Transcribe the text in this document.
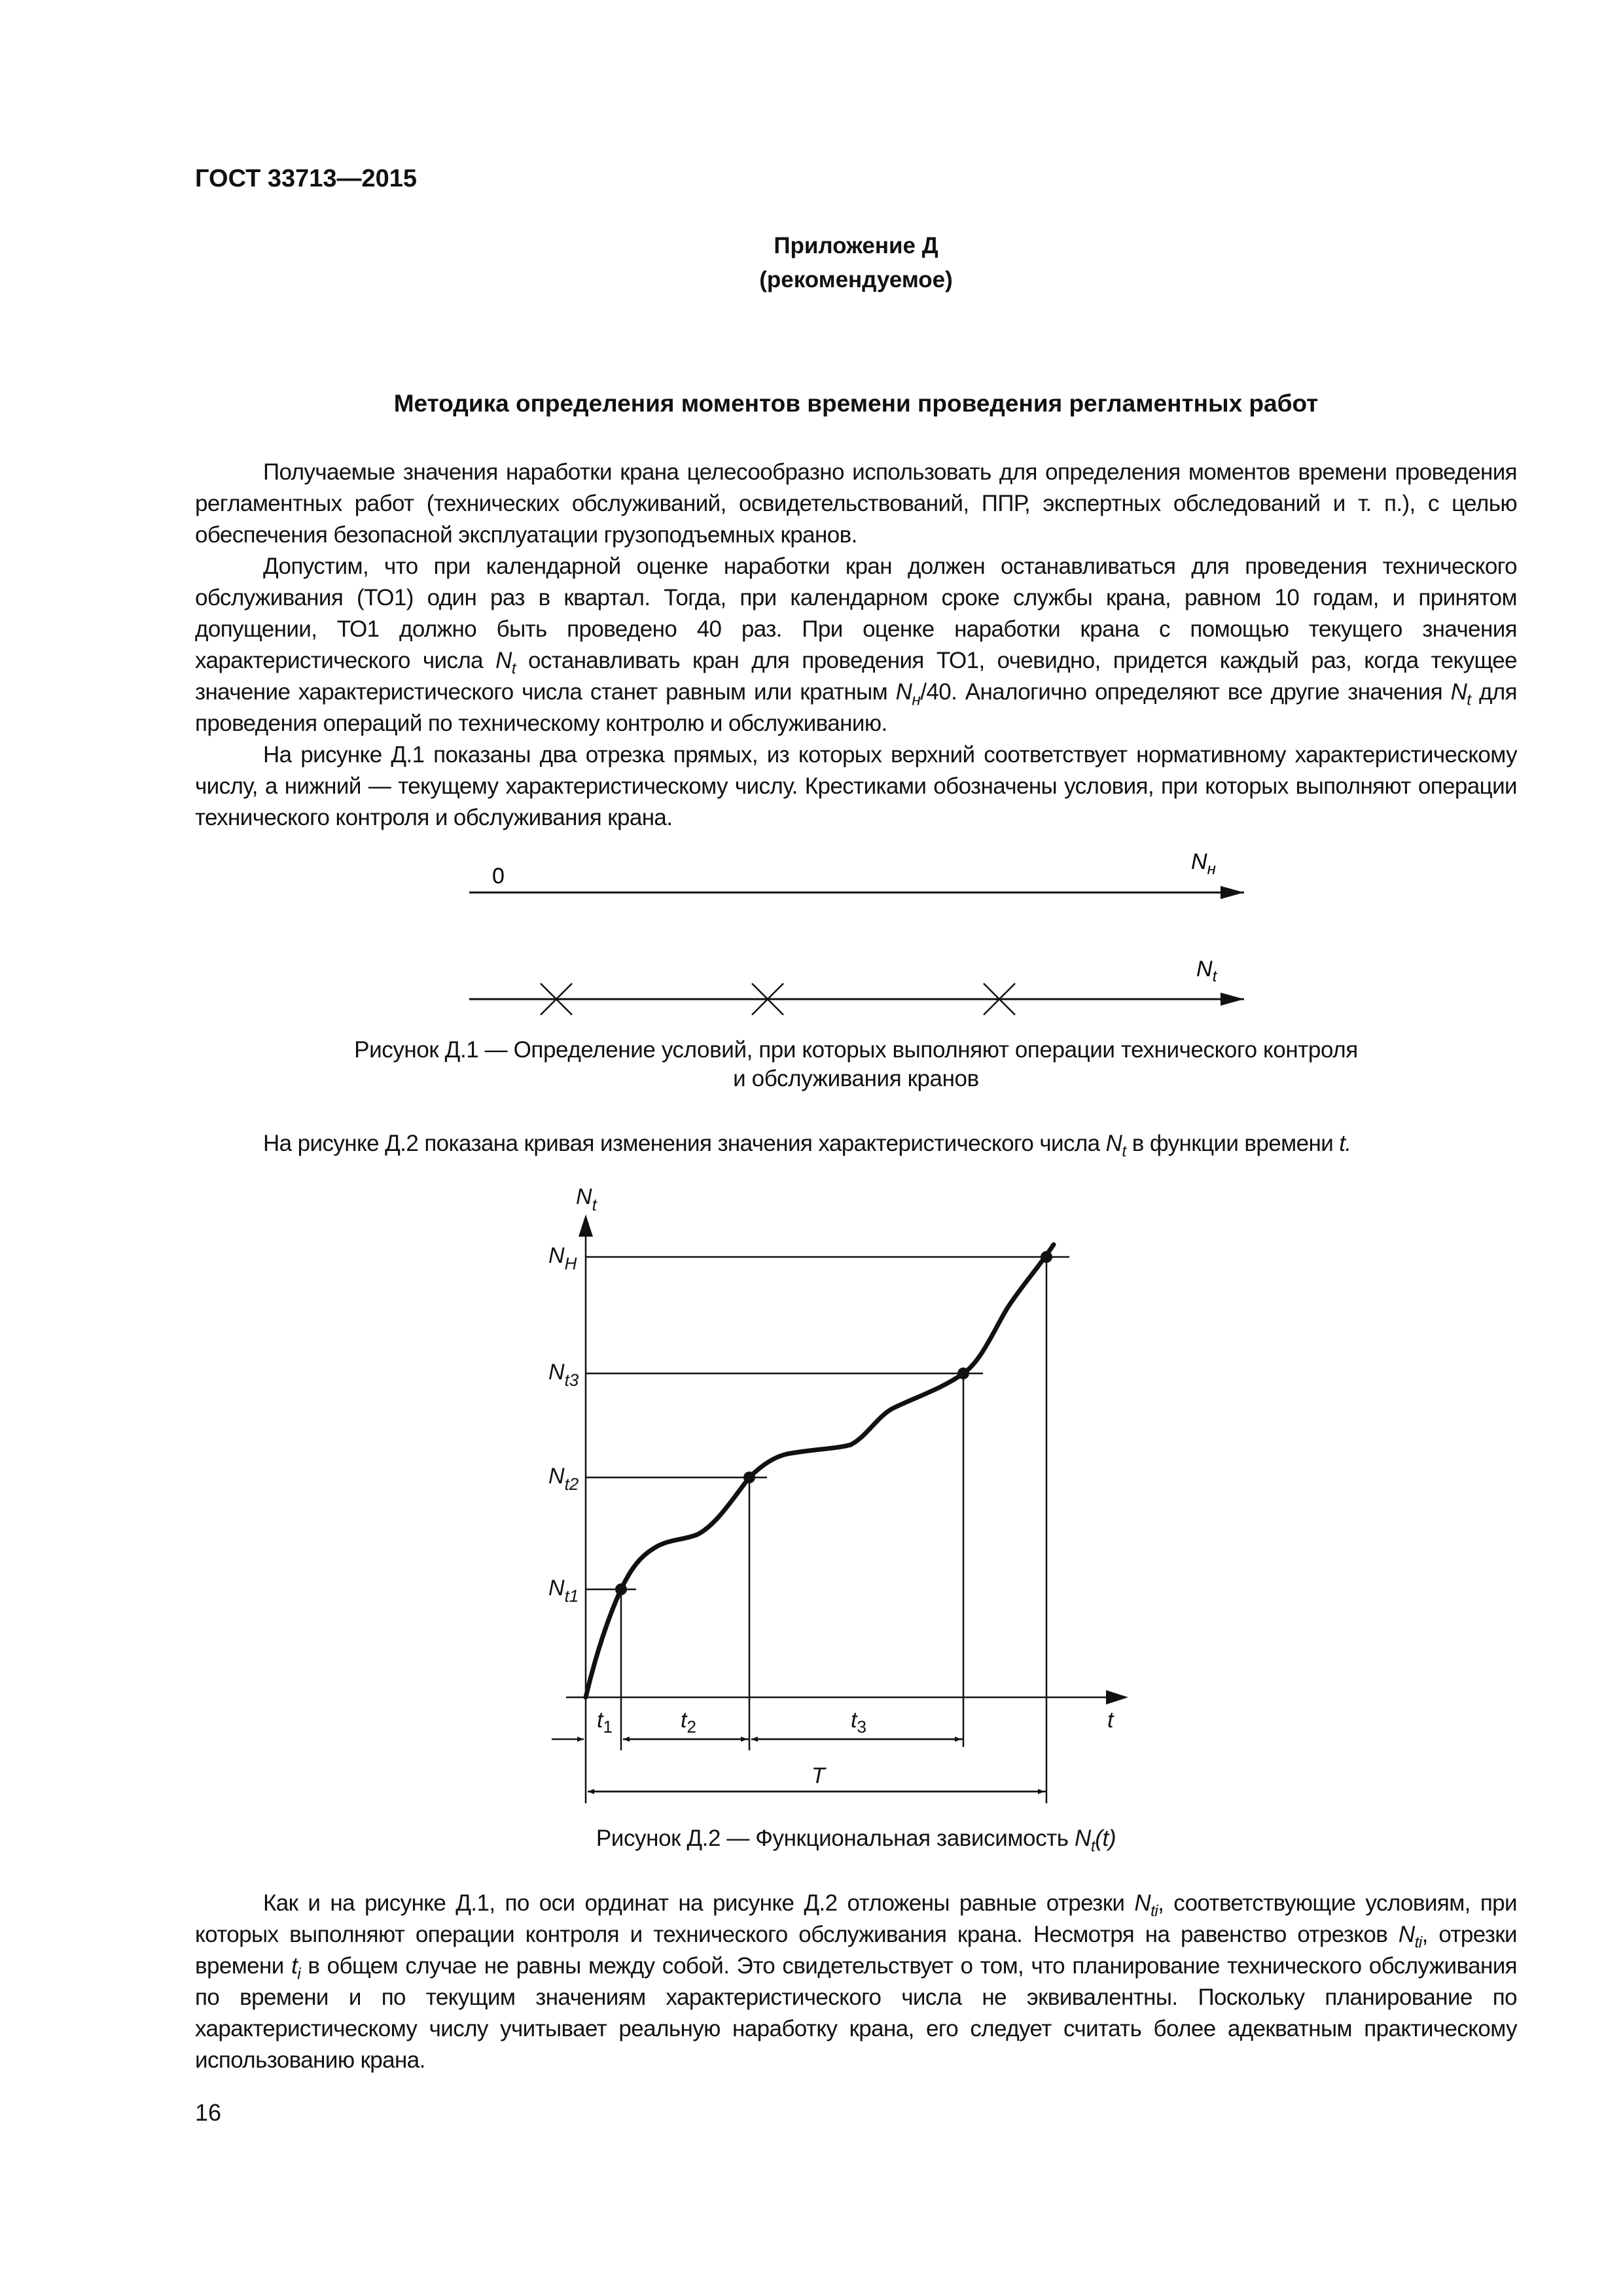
ГОСТ 33713—2015
Приложение Д
(рекомендуемое)
Методика определения моментов времени проведения регламентных работ

Получаемые значения наработки крана целесообразно использовать для определения моментов времени проведения регламентных работ (технических обслуживаний, освидетельствований, ППР, экспертных обследований и т. п.), с целью обеспечения безопасной эксплуатации грузоподъемных кранов.

Допустим, что при календарной оценке наработки кран должен останавливаться для проведения технического обслуживания (ТО1) один раз в квартал. Тогда, при календарном сроке службы крана, равном 10 годам, и принятом допущении, ТО1 должно быть проведено 40 раз. При оценке наработки крана с помощью текущего значения характеристического числа $N_t$ останавливать кран для проведения ТО1, очевидно, придется каждый раз, когда текущее значение характеристического числа станет равным или кратным $N_н/40$. Аналогично определяют все другие значения $N_t$ для проведения операций по техническому контролю и обслуживанию.

На рисунке Д.1 показаны два отрезка прямых, из которых верхний соответствует нормативному характеристическому числу, а нижний — текущему характеристическому числу. Крестиками обозначены условия, при которых выполняют операции технического контроля и обслуживания крана.

0
$N_н$
$N_t$
$N_t$
$N_H$
$N_{t3}$
$N_{t2}$
$N_{t1}$
$t_1$	$t_2$	$t_3$	t
T
Рисунок Д.1 — Определение условий, при которых выполняют операции технического контроля
и обслуживания кранов
На рисунке Д.2 показана кривая изменения значения характеристического числа $N_t$ в функции времени t.
Рисунок Д.2 — Функциональная зависимость $N_t(t)$
Как и на рисунке Д.1, по оси ординат на рисунке Д.2 отложены равные отрезки $N_{ti}$, соответствующие условиям, при которых выполняют операции контроля и технического обслуживания крана. Несмотря на равенство отрезков $N_{ti}$, отрезки времени $t_i$ в общем случае не равны между собой. Это свидетельствует о том, что планирование технического обслуживания по времени и по текущим значениям характеристического числа не эквивалентны. Поскольку планирование по характеристическому числу учитывает реальную наработку крана, его следует считать более адекватным практическому использованию крана.
16
